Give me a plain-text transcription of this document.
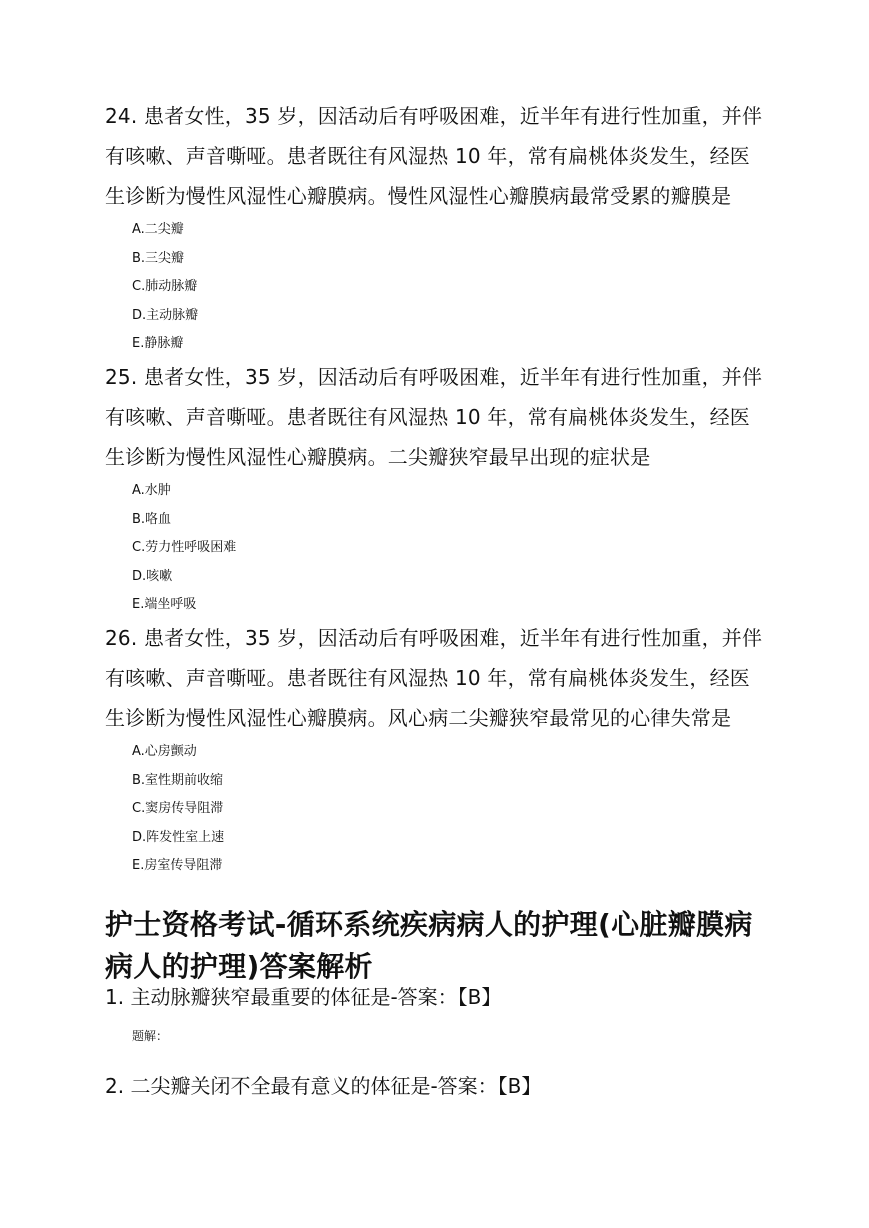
24. 患者女性，35 岁，因活动后有呼吸困难，近半年有进行性加重，并伴有咳嗽、声音嘶哑。患者既往有风湿热 10 年，常有扁桃体炎发生，经医生诊断为慢性风湿性心瓣膜病。慢性风湿性心瓣膜病最常受累的瓣膜是

A.二尖瓣
B.三尖瓣
C.肺动脉瓣
D.主动脉瓣
E.静脉瓣

25. 患者女性，35 岁，因活动后有呼吸困难，近半年有进行性加重，并伴有咳嗽、声音嘶哑。患者既往有风湿热 10 年，常有扁桃体炎发生，经医生诊断为慢性风湿性心瓣膜病。二尖瓣狭窄最早出现的症状是

A.水肿
B.咯血
C.劳力性呼吸困难
D.咳嗽
E.端坐呼吸

26. 患者女性，35 岁，因活动后有呼吸困难，近半年有进行性加重，并伴有咳嗽、声音嘶哑。患者既往有风湿热 10 年，常有扁桃体炎发生，经医生诊断为慢性风湿性心瓣膜病。风心病二尖瓣狭窄最常见的心律失常是

A.心房颤动
B.室性期前收缩
C.窦房传导阻滞
D.阵发性室上速
E.房室传导阻滞
护士资格考试-循环系统疾病病人的护理(心脏瓣膜病病人的护理)答案解析

1. 主动脉瓣狭窄最重要的体征是-答案：【B】

题解：

2. 二尖瓣关闭不全最有意义的体征是-答案：【B】
